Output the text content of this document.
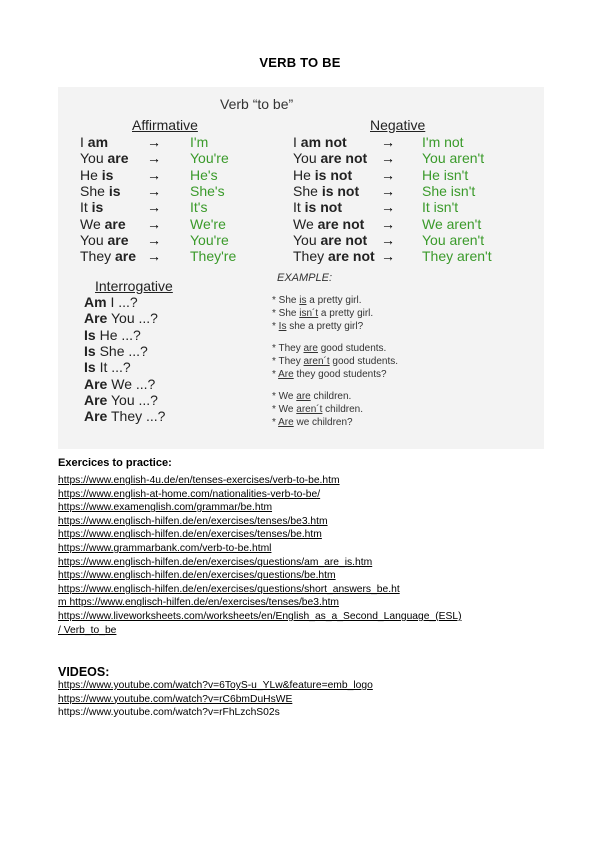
VERB TO BE
Verb “to be”
Affirmative	Negative
I am	→ I'm
You are → You're
He is → He's
She is → She's
It is	→ It's
We are → We're
You are → You're
They are → They're
I am not → I'm not
You are not → You aren't
He is not → He isn't
She is not → She isn't
It is not	→ It isn't
We are not → We aren't
You are not → You aren't
They are not → They aren't
Interrogative
Am I ...?
Are You ...?
Is He ...?
Is She ...?
Is It ...?
Are We ...?
Are You ...?
Are They ...?
EXAMPLE:
* She is a pretty girl.
* She isn´t a pretty girl.
* Is she a pretty girl?
* They are good students.
* They aren´t good students.
* Are they good students?
* We are children.
* We aren´t children.
* Are we children?
Exercices to practice:
https://www.english-4u.de/en/tenses-exercises/verb-to-be.htm
https://www.english-at-home.com/nationalities-verb-to-be/
https://www.examenglish.com/grammar/be.htm
https://www.englisch-hilfen.de/en/exercises/tenses/be3.htm
https://www.englisch-hilfen.de/en/exercises/tenses/be.htm
https://www.grammarbank.com/verb-to-be.html
https://www.englisch-hilfen.de/en/exercises/questions/am_are_is.htm
https://www.englisch-hilfen.de/en/exercises/questions/be.htm
https://www.englisch-hilfen.de/en/exercises/questions/short_answers_be.ht
m https://www.englisch-hilfen.de/en/exercises/tenses/be3.htm
https://www.liveworksheets.com/worksheets/en/English_as_a_Second_Language_(ESL)
/ Verb_to_be
VIDEOS:
https://www.youtube.com/watch?v=6ToyS-u_YLw&feature=emb_logo
https://www.youtube.com/watch?v=rC6bmDuHsWE
https://www.youtube.com/watch?v=rFhLzchS02s
